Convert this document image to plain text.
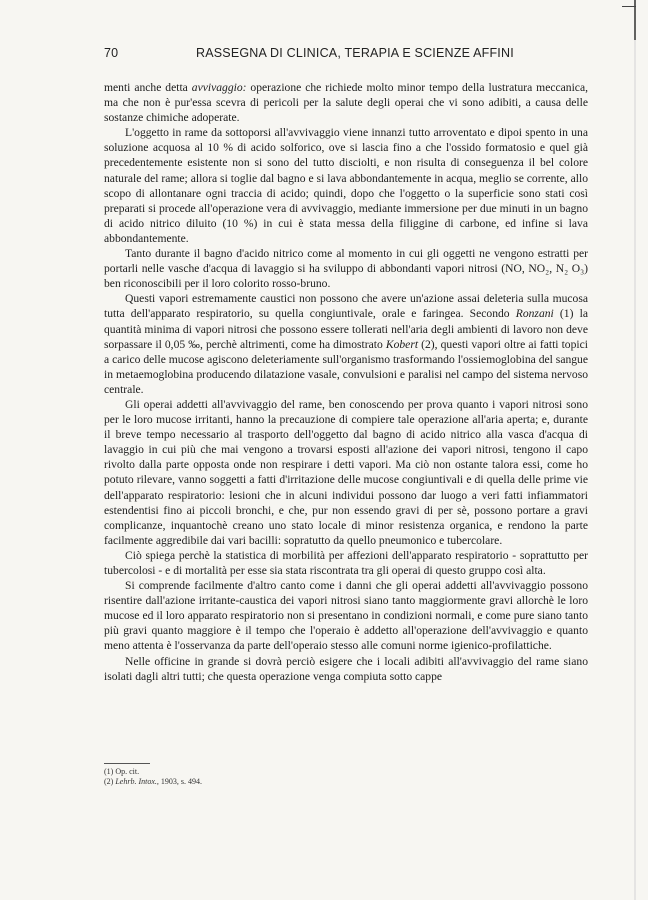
70	RASSEGNA DI CLINICA, TERAPIA E SCIENZE AFFINI

menti anche detta avvivaggio: operazione che richiede molto minor tempo della lustratura meccanica, ma che non è pur'essa scevra di pericoli per la salute degli operai che vi sono adibiti, a causa delle sostanze chimiche adoperate.

L'oggetto in rame da sottoporsi all'avvivaggio viene innanzi tutto arroventato e dipoi spento in una soluzione acquosa al 10 % di acido solforico, ove si lascia fino a che l'ossido formatosio e quel già precedentemente esistente non si sono del tutto disciolti, e non risulta di conseguenza il bel colore naturale del rame; allora si toglie dal bagno e si lava abbondantemente in acqua, meglio se corrente, allo scopo di allontanare ogni traccia di acido; quindi, dopo che l'oggetto o la superficie sono stati così preparati si procede all'operazione vera di avvivaggio, mediante immersione per due minuti in un bagno di acido nitrico diluito (10 %) in cui è stata messa della filiggine di carbone, ed infine si lava abbondantemente.

Tanto durante il bagno d'acido nitrico come al momento in cui gli oggetti ne vengono estratti per portarli nelle vasche d'acqua di lavaggio si ha sviluppo di abbondanti vapori nitrosi (NO, NO₂, N₂ O₃) ben riconoscibili per il loro colorito rosso-bruno.

Questi vapori estremamente caustici non possono che avere un'azione assai deleteria sulla mucosa tutta dell'apparato respiratorio, su quella congiuntivale, orale e faringea. Secondo Ronzani (1) la quantità minima di vapori nitrosi che possono essere tollerati nell'aria degli ambienti di lavoro non deve sorpassare il 0,05 ‰, perchè altrimenti, come ha dimostrato Kobert (2), questi vapori oltre ai fatti topici a carico delle mucose agiscono deleteriamente sull'organismo trasformando l'ossiemoglobina del sangue in metaemoglobina producendo dilatazione vasale, convulsioni e paralisi nel campo del sistema nervoso centrale.

Gli operai addetti all'avvivaggio del rame, ben conoscendo per prova quanto i vapori nitrosi sono per le loro mucose irritanti, hanno la precauzione di compiere tale operazione all'aria aperta; e, durante il breve tempo necessario al trasporto dell'oggetto dal bagno di acido nitrico alla vasca d'acqua di lavaggio in cui più che mai vengono a trovarsi esposti all'azione dei vapori nitrosi, tengono il capo rivolto dalla parte opposta onde non respirare i detti vapori. Ma ciò non ostante talora essi, come ho potuto rilevare, vanno soggetti a fatti d'irritazione delle mucose congiuntivali e di quella delle prime vie dell'apparato respiratorio: lesioni che in alcuni individui possono dar luogo a veri fatti infiammatori estendentisi fino ai piccoli bronchi, e che, pur non essendo gravi di per sè, possono portare a gravi complicanze, inquantochè creano uno stato locale di minor resistenza organica, e rendono la parte facilmente aggredibile dai vari bacilli: sopratutto da quello pneumonico e tubercolare.

Ciò spiega perchè la statistica di morbilità per affezioni dell'apparato respiratorio - soprattutto per tubercolosi - e di mortalità per esse sia stata riscontrata tra gli operai di questo gruppo così alta.

Si comprende facilmente d'altro canto come i danni che gli operai addetti all'avvivaggio possono risentire dall'azione irritante-caustica dei vapori nitrosi siano tanto maggiormente gravi allorchè le loro mucose ed il loro apparato respiratorio non si presentano in condizioni normali, e come pure siano tanto più gravi quanto maggiore è il tempo che l'operaio è addetto all'operazione dell'avvivaggio e quanto meno attenta è l'osservanza da parte dell'operaio stesso alle comuni norme igienico-profilattiche.

Nelle officine in grande si dovrà perciò esigere che i locali adibiti all'avvivaggio del rame siano isolati dagli altri tutti; che questa operazione venga compiuta sotto cappe

(1) Op. cit.
(2) Lehrb. Intox., 1903, s. 494.
